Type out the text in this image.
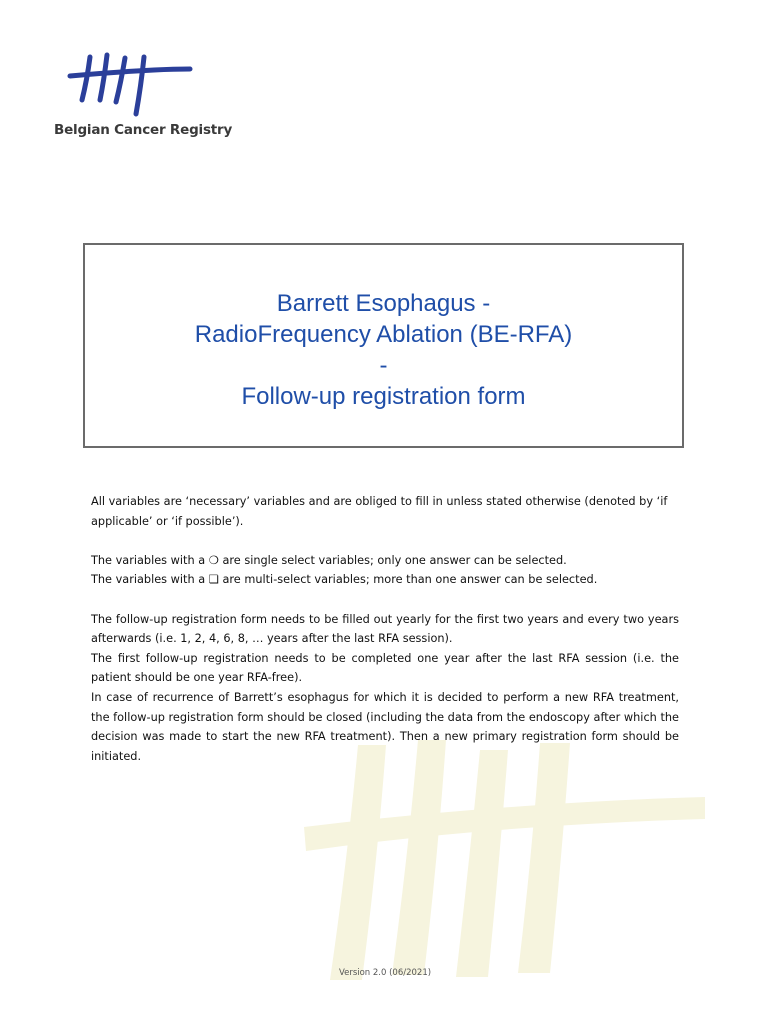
Belgian Cancer Registry
Barrett Esophagus -
RadioFrequency Ablation (BE-RFA)
-
Follow-up registration form

All variables are ‘necessary’ variables and are obliged to fill in unless stated otherwise (denoted by ‘if applicable’ or ‘if possible’).

The variables with a ❍ are single select variables; only one answer can be selected.

The variables with a ❏ are multi-select variables; more than one answer can be selected.

The follow-up registration form needs to be filled out yearly for the first two years and every two years afterwards (i.e. 1, 2, 4, 6, 8, … years after the last RFA session).

The first follow-up registration needs to be completed one year after the last RFA session (i.e. the patient should be one year RFA-free).

In case of recurrence of Barrett’s esophagus for which it is decided to perform a new RFA treatment, the follow-up registration form should be closed (including the data from the endoscopy after which the decision was made to start the new RFA treatment). Then a new primary registration form should be initiated.

Version 2.0 (06/2021)
